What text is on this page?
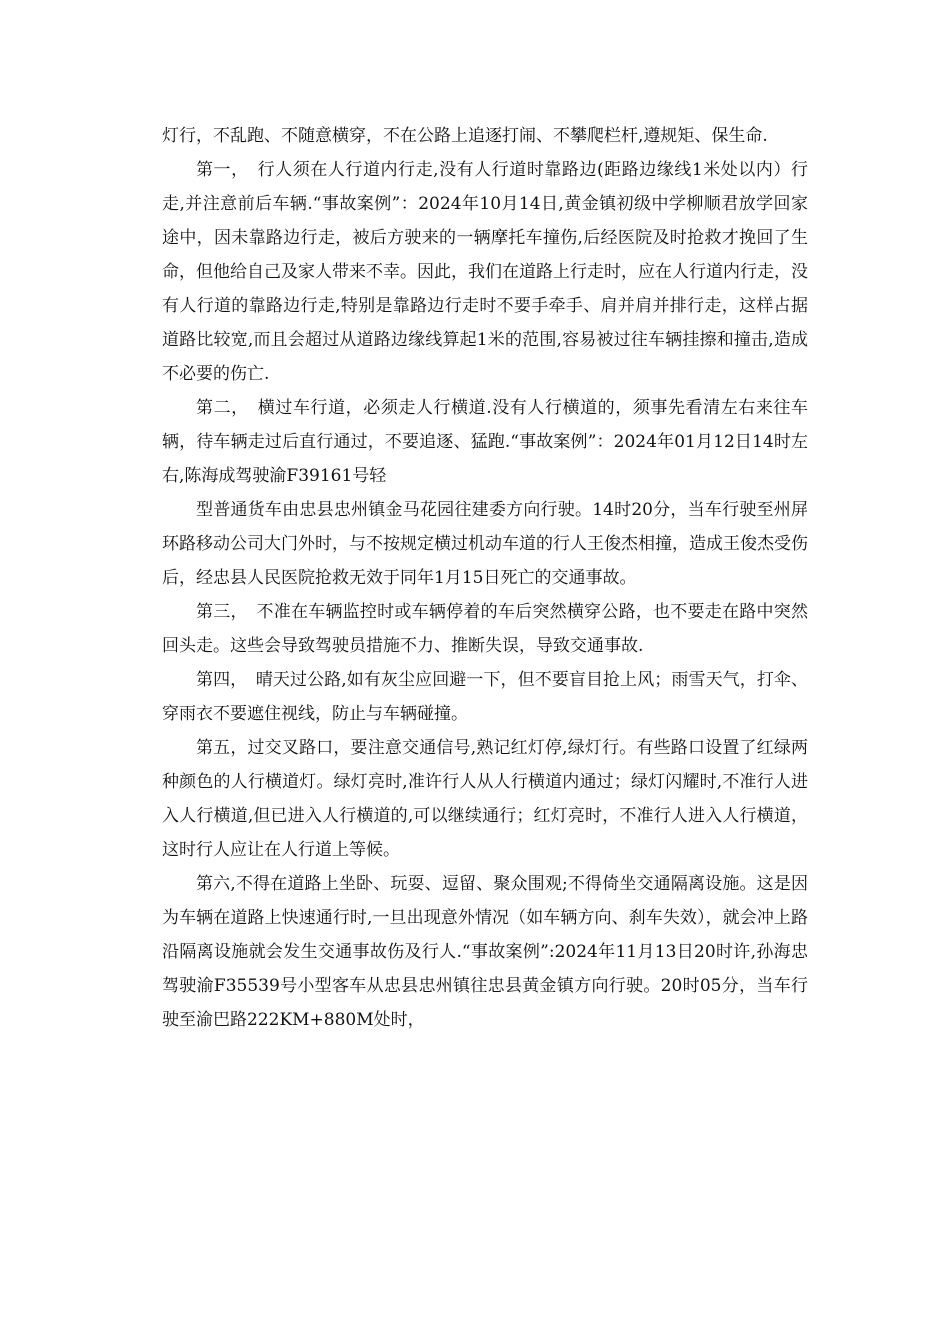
灯行，不乱跑、不随意横穿，不在公路上追逐打闹、不攀爬栏杆,遵规矩、保生命.

第一，　行人须在人行道内行走,没有人行道时靠路边(距路边缘线1米处以内）行走,并注意前后车辆.“事故案例”：2024年10月14日,黄金镇初级中学柳顺君放学回家途中，因未靠路边行走，被后方驶来的一辆摩托车撞伤,后经医院及时抢救才挽回了生命，但他给自己及家人带来不幸。因此，我们在道路上行走时，应在人行道内行走，没有人行道的靠路边行走,特别是靠路边行走时不要手牵手、肩并肩并排行走，这样占据道路比较宽,而且会超过从道路边缘线算起1米的范围,容易被过往车辆挂擦和撞击,造成不必要的伤亡.

第二，　横过车行道，必须走人行横道.没有人行横道的，须事先看清左右来往车辆，待车辆走过后直行通过，不要追逐、猛跑.“事故案例”：2024年01月12日14时左右,陈海成驾驶渝F39161号轻

型普通货车由忠县忠州镇金马花园往建委方向行驶。14时20分，当车行驶至州屏环路移动公司大门外时，与不按规定横过机动车道的行人王俊杰相撞，造成王俊杰受伤后，经忠县人民医院抢救无效于同年1月15日死亡的交通事故。

第三，　不准在车辆监控时或车辆停着的车后突然横穿公路，也不要走在路中突然回头走。这些会导致驾驶员措施不力、推断失误，导致交通事故.

第四，　晴天过公路,如有灰尘应回避一下，但不要盲目抢上风；雨雪天气，打伞、穿雨衣不要遮住视线，防止与车辆碰撞。

第五，过交叉路口，要注意交通信号,熟记红灯停,绿灯行。有些路口设置了红绿两种颜色的人行横道灯。绿灯亮时,准许行人从人行横道内通过；绿灯闪耀时,不准行人进入人行横道,但已进入人行横道的,可以继续通行；红灯亮时，不准行人进入人行横道，这时行人应让在人行道上等候。

第六,不得在道路上坐卧、玩耍、逗留、聚众围观;不得倚坐交通隔离设施。这是因为车辆在道路上快速通行时,一旦出现意外情况（如车辆方向、刹车失效），就会冲上路沿隔离设施就会发生交通事故伤及行人.“事故案例”:2024年11月13日20时许,孙海忠驾驶渝F35539号小型客车从忠县忠州镇往忠县黄金镇方向行驶。20时05分，当车行驶至渝巴路222KM+880M处时，
